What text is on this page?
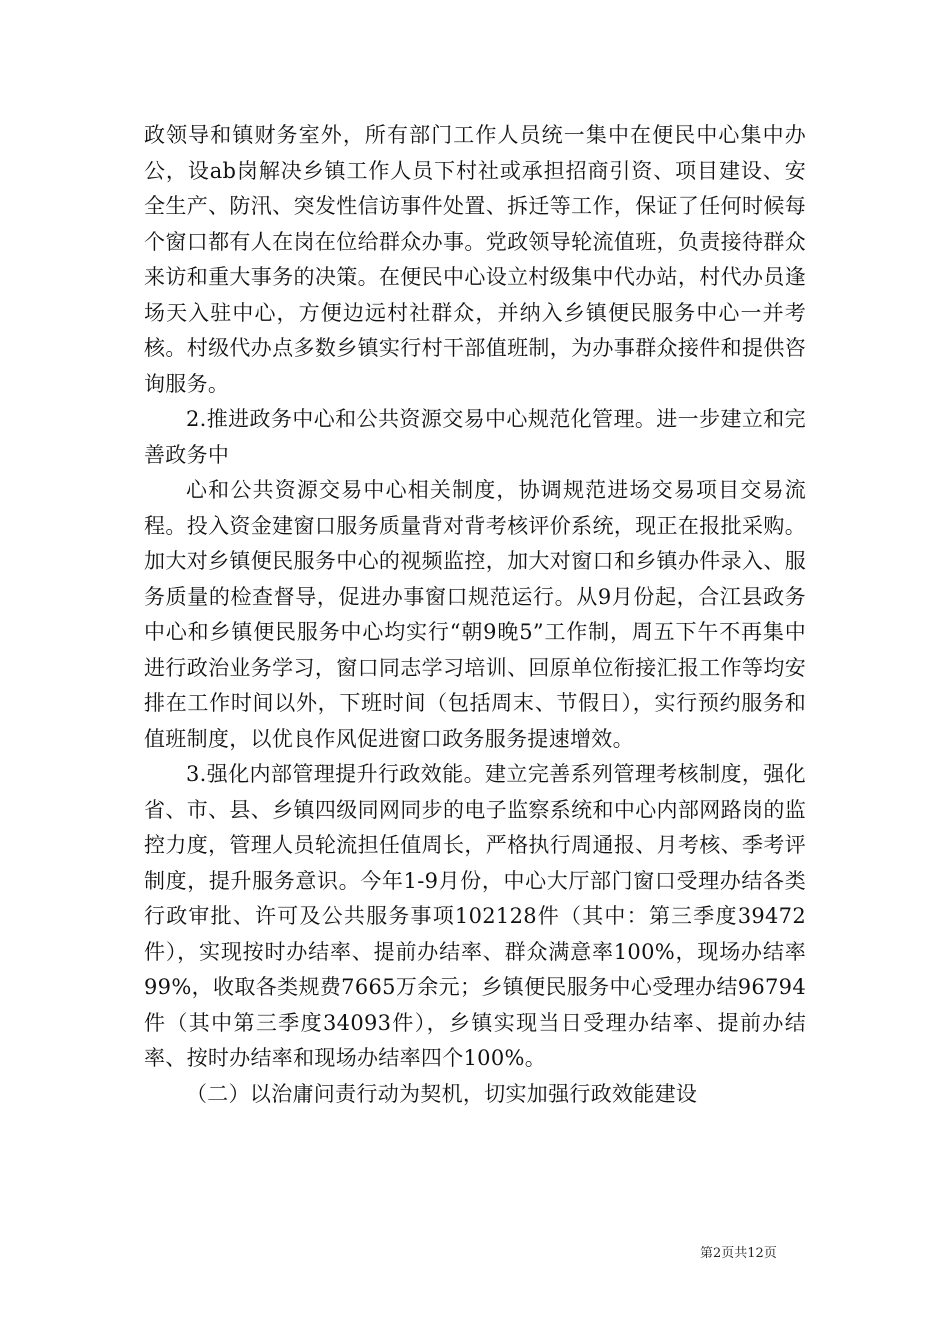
政领导和镇财务室外，所有部门工作人员统一集中在便民中心集中办公，设ab岗解决乡镇工作人员下村社或承担招商引资、项目建设、安全生产、防汛、突发性信访事件处置、拆迁等工作，保证了任何时候每个窗口都有人在岗在位给群众办事。党政领导轮流值班，负责接待群众来访和重大事务的决策。在便民中心设立村级集中代办站，村代办员逢场天入驻中心，方便边远村社群众，并纳入乡镇便民服务中心一并考核。村级代办点多数乡镇实行村干部值班制，为办事群众接件和提供咨询服务。

2.推进政务中心和公共资源交易中心规范化管理。进一步建立和完善政务中

心和公共资源交易中心相关制度，协调规范进场交易项目交易流程。投入资金建窗口服务质量背对背考核评价系统，现正在报批采购。加大对乡镇便民服务中心的视频监控，加大对窗口和乡镇办件录入、服务质量的检查督导，促进办事窗口规范运行。从9月份起，合江县政务中心和乡镇便民服务中心均实行“朝9晚5”工作制，周五下午不再集中进行政治业务学习，窗口同志学习培训、回原单位衔接汇报工作等均安排在工作时间以外，下班时间（包括周末、节假日），实行预约服务和值班制度，以优良作风促进窗口政务服务提速增效。

3.强化内部管理提升行政效能。建立完善系列管理考核制度，强化省、市、县、乡镇四级同网同步的电子监察系统和中心内部网路岗的监控力度，管理人员轮流担任值周长，严格执行周通报、月考核、季考评制度，提升服务意识。今年1-9月份，中心大厅部门窗口受理办结各类行政审批、许可及公共服务事项102128件（其中：第三季度39472件），实现按时办结率、提前办结率、群众满意率100%，现场办结率99%，收取各类规费7665万余元；乡镇便民服务中心受理办结96794件（其中第三季度34093件），乡镇实现当日受理办结率、提前办结率、按时办结率和现场办结率四个100%。

（二）以治庸问责行动为契机，切实加强行政效能建设

第2页共12页
